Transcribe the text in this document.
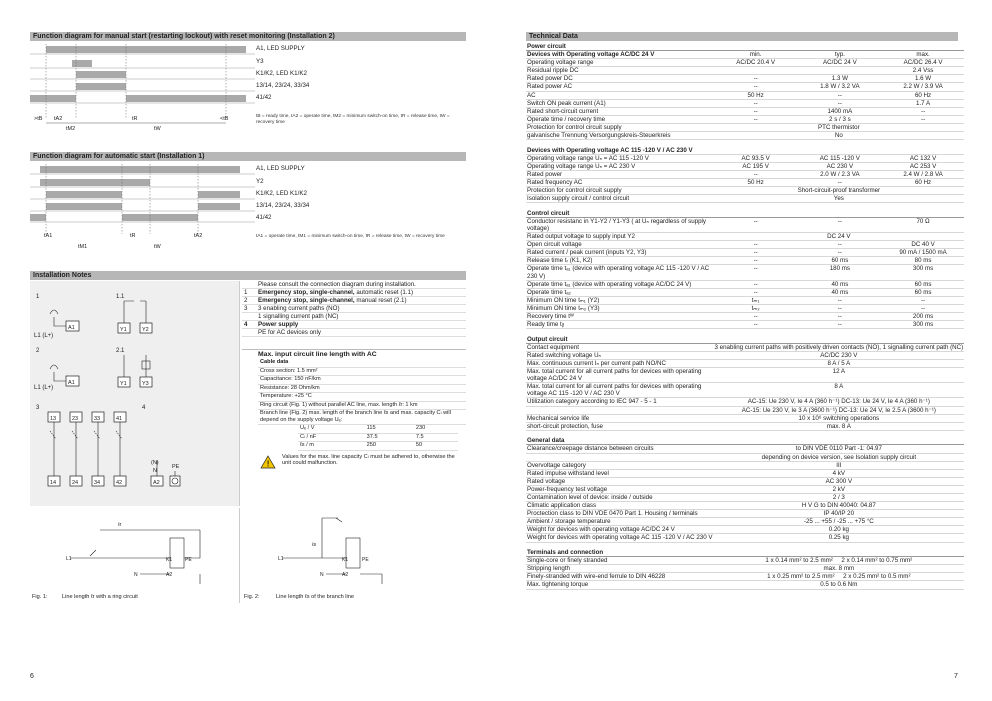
Function diagram for manual start (restarting lockout) with reset monitoring (Installation 2)
>tB tA2	tR	<tB
tM2	tW
A1, LED SUPPLY
Y3
K1/K2, LED K1/K2
13/14, 23/24, 33/34
41/42
tB = ready time, tA2 = operate time, tM2 = minimum switch-on time, tR = release time, tW = recovery time
Function diagram for automatic start (Installation 1)
tA1	tR	tA2
tM1	tW
A1, LED SUPPLY
Y2
K1/K2, LED K1/K2
13/14, 23/24, 33/34
41/42
tA1 = operate time, tM1 = minimum switch-on time, tR = release time, tW = recovery time
Installation Notes
1	1.1
2	2.1
3	4
L1 (L+)
L1 (L+)
A1
A1
Y1	Y2
Y1	Y3
13	23	33	41
14	24	34	42	A2
(N)
N
PE
	Please consult the connection diagram during installation.
1	Emergency stop, single-channel, automatic reset (1.1)
2	Emergency stop, single-channel, manual reset (2.1)
3	3 enabling current paths (NO)
	1 signalling current path (NC)
4	Power supply
	PE for AC devices only
Max. input circuit line length with AC
Cable data
Cross section: 1.5 mm²
Capacitance: 150 nF/km
Resistance: 28 Ohm/km
Temperature: +25 °C
Ring circuit (Fig. 1) without parallel AC line, max. length ℓr: 1 km
Branch line (Fig. 2) max. length of the branch line ℓs and max. capacity Cₗ will depend on the supply voltage Uₑ:
Uₑ / V	115	230
Cₗ / nF	37.5	7.5
ℓs / m	250	50
!
Values for the max. line capacity Cₗ must be adhered to, otherwise the unit could malfunction.
L1
N
K1	PE
A2
ℓr
Fig. 1:	Line length ℓr with a ring circuit
L1
N
K1	PE
A2
ℓs
Fig. 2:	Line length ℓs of the branch line
6
Technical Data
Power circuit			
Devices with Operating voltage AC/DC 24 V	min.	typ.	max.
Operating voltage range	AC/DC 20.4 V	AC/DC 24 V	AC/DC 26.4 V
Residual ripple DC			2.4 Vss
Rated power DC	--	1.3 W	1.6 W
Rated power AC	--	1.8 W / 3.2 VA	2.2 W / 3.9 VA
AC	50 Hz	--	60 Hz
Switch ON peak current (A1)	--	--	1.7 A
Rated short-circuit current	--	1400 mA	--
Operate time / recovery time	--	2 s / 3 s	--
Protection for control circuit supply	PTC thermistor		
galvanische Trennung Versorgungskreis-Steuerkreis	No		

Devices with Operating voltage AC 115 -120 V / AC 230 V			
Operating voltage range Uₙ = AC 115 -120 V	AC 93.5 V	AC 115 -120 V	AC 132 V
Operating voltage range Uₙ = AC 230 V	AC 195 V	AC 230 V	AC 253 V
Rated power	--	2.0 W / 2.3 VA	2.4 W / 2.8 VA
Rated frequency AC	50 Hz	--	60 Hz
Protection for control circuit supply	Short-circuit-proof transformer		
Isolation supply circuit / control circuit	Yes		

Control circuit			
Conductor resistanc in Y1-Y2 / Y1-Y3 ( at Uₙ regardless of supply voltage)	--	--	70 Ω
Rated output voltage to supply input Y2	DC 24 V		
Open circuit voltage	--	--	DC 40 V
Rated current / peak current (inputs Y2, Y3)	--	--	90 mA / 1500 mA
Release time tᵣ (K1, K2)	--	60 ms	80 ms
Operate time tₐ₁ (device with operating voltage AC 115 -120 V / AC 230 V)	--	180 ms	300 ms
Operate time tₐ₁ (device with operating voltage AC/DC 24 V)	--	40 ms	60 ms
Operate time tₐ₂	--	40 ms	60 ms
Minimum ON time tₘ₁ (Y2)	tₘ₁	--	--
Minimum ON time tₘ₂ (Y3)	tₘ₂	--	--
Recovery time tᵂ	--	--	200 ms
Ready time tᵦ	--	--	300 ms

Output circuit			
Contact equipment	3 enabling current paths with positively driven contacts (NO), 1 signalling current path (NC)		
Rated switching voltage Uₙ	AC/DC 230 V		
Max. continuous current Iₙ per current path NO/NC	8 A / 5 A		
Max. total current for all current paths for devices with operating voltage AC/DC 24 V	12 A		
Max. total current for all current paths for devices with operating voltage AC 115 -120 V / AC 230 V	8 A		
Utilization category according to IEC 947 - 5 - 1	AC-15: Ue 230 V, Ie 4 A (360 h⁻¹) DC-13: Ue 24 V, Ie 4 A (360 h⁻¹)		
	AC-15: Ue 230 V, Ie 3 A (3600 h⁻¹) DC-13: Ue 24 V, Ie 2.5 A (3600 h⁻¹)		
Mechanical service life	10 x 10⁶ switching operations		
short-circuit protection, fuse	max. 8 A		

General data			
Clearance/creepage distance between circuits	to DIN VDE 0110 Part -1: 04.97		
	depending on device version, see Isolation supply circuit		
Overvoltage category	III		
Rated impulse withstand level	4 kV		
Rated voltage	AC 300 V		
Power-frequency test voltage	2 kV		
Contamination level of device: inside / outside	2 / 3		
Climatic application class	H V G to DIN 40040: 04.87		
Proctection class to DIN VDE 0470 Part 1. Housing / terminals	IP 40/IP 20		
Ambient / storage temperature	-25 ... +55 / -25 ... +75 °C		
Weight for devices with operating voltage AC/DC 24 V	0.20 kg		
Weight for devices with operating voltage AC 115 -120 V / AC 230 V	0.25 kg		

Terminals and connection			
Single-core or finely stranded	1 x 0.14 mm² to 2.5 mm²     2 x 0.14 mm² to 0.75 mm²		
Stripping length	max. 8 mm		
Finely-stranded with wire-end ferrule to DIN 46228	1 x 0.25 mm² to 2.5 mm²     2 x 0.25 mm² to 0.5 mm²		
Max. tightening torque	0.5 to 0.6 Nm		
7
